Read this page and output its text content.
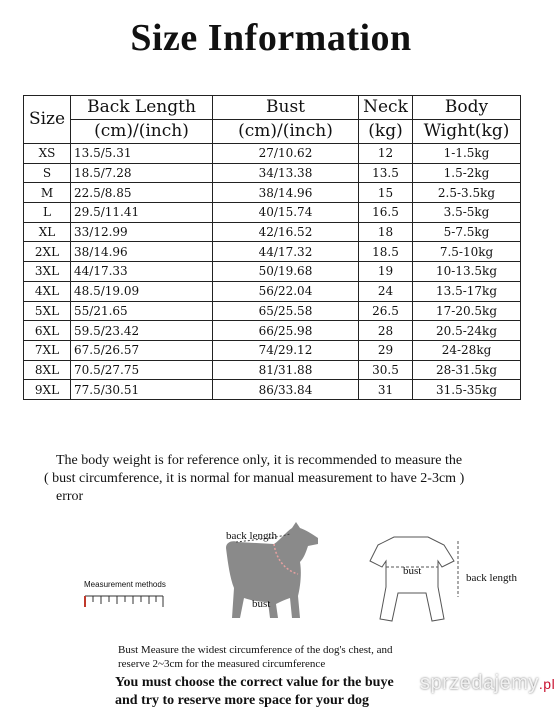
Size Information
Size	Back Length	Bust	Neck	Body
	(cm)/(inch)	(cm)/(inch)	(kg)	Wight(kg)
XS	13.5/5.31	27/10.62	12	1-1.5kg
S	18.5/7.28	34/13.38	13.5	1.5-2kg
M	22.5/8.85	38/14.96	15	2.5-3.5kg
L	29.5/11.41	40/15.74	16.5	3.5-5kg
XL	33/12.99	42/16.52	18	5-7.5kg
2XL	38/14.96	44/17.32	18.5	7.5-10kg
3XL	44/17.33	50/19.68	19	10-13.5kg
4XL	48.5/19.09	56/22.04	24	13.5-17kg
5XL	55/21.65	65/25.58	26.5	17-20.5kg
6XL	59.5/23.42	66/25.98	28	20.5-24kg
7XL	67.5/26.57	74/29.12	29	24-28kg
8XL	70.5/27.75	81/31.88	30.5	28-31.5kg
9XL	77.5/30.51	86/33.84	31	31.5-35kg
The body weight is for reference only, it is recommended to measure the
( bust circumference, it is normal for manual measurement to have 2-3cm )
error
Measurement methods
back length
bust
bust
back length
Bust Measure the widest circumference of the dog's chest, and
reserve 2~3cm for the measured circumference
You must choose the correct value for the buye
and try to reserve more space for your dog
sprzedajemy.pl
